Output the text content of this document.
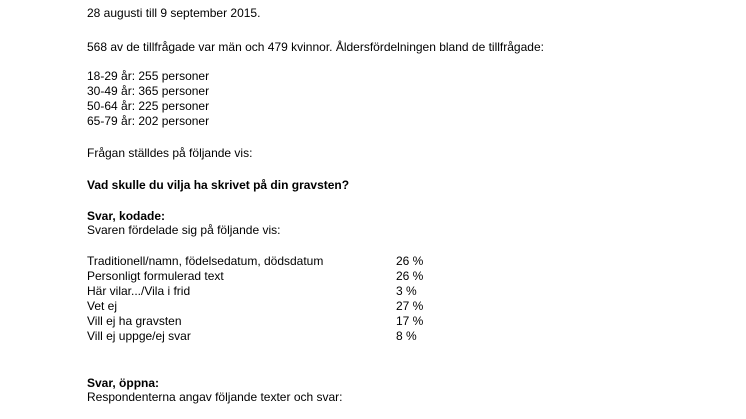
28 augusti till 9 september 2015.
568 av de tillfrågade var män och 479 kvinnor. Åldersfördelningen bland de tillfrågade:
18-29 år: 255 personer
30-49 år: 365 personer
50-64 år: 225 personer
65-79 år: 202 personer
Frågan ställdes på följande vis:
Vad skulle du vilja ha skrivet på din gravsten?
Svar, kodade:
Svaren fördelade sig på följande vis:
Traditionell/namn, födelsedatum, dödsdatum	26 %
Personligt formulerad text	26 %
Här vilar.../Vila i frid	3 %
Vet ej	27 %
Vill ej ha gravsten	17 %
Vill ej uppge/ej svar	8 %
Svar, öppna:
Respondenterna angav följande texter och svar:
